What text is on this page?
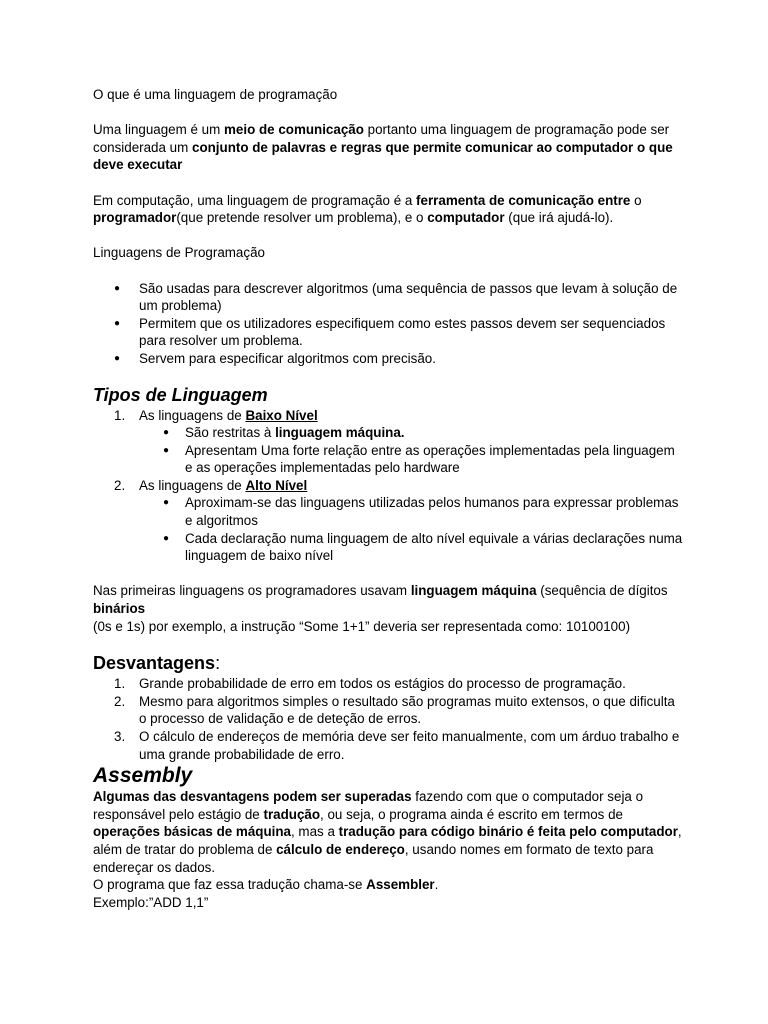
O que é uma linguagem de programação

Uma linguagem é um meio de comunicação portanto uma linguagem de programação pode ser considerada um conjunto de palavras e regras que permite comunicar ao computador o que deve executar

Em computação, uma linguagem de programação é a ferramenta de comunicação entre o programador(que pretende resolver um problema), e o computador (que irá ajudá-lo).

Linguagens de Programação

● São usadas para descrever algoritmos (uma sequência de passos que levam à solução de um problema)
● Permitem que os utilizadores especifiquem como estes passos devem ser sequenciados para resolver um problema.
● Servem para especificar algoritmos com precisão.
Tipos de Linguagem
1. As linguagens de Baixo Nível
● São restritas à linguagem máquina.
● Apresentam Uma forte relação entre as operações implementadas pela linguagem e as operações implementadas pelo hardware
2. As linguagens de Alto Nível
● Aproximam-se das linguagens utilizadas pelos humanos para expressar problemas e algoritmos
● Cada declaração numa linguagem de alto nível equivale a várias declarações numa linguagem de baixo nível

Nas primeiras linguagens os programadores usavam linguagem máquina (sequência de dígitos binários

(0s e 1s) por exemplo, a instrução “Some 1+1” deveria ser representada como: 10100100)

Desvantagens:
1. Grande probabilidade de erro em todos os estágios do processo de programação.
2. Mesmo para algoritmos simples o resultado são programas muito extensos, o que dificulta o processo de validação e de deteção de erros.
3. O cálculo de endereços de memória deve ser feito manualmente, com um árduo trabalho e uma grande probabilidade de erro.
Assembly

Algumas das desvantagens podem ser superadas fazendo com que o computador seja o responsável pelo estágio de tradução, ou seja, o programa ainda é escrito em termos de operações básicas de máquina, mas a tradução para código binário é feita pelo computador, além de tratar do problema de cálculo de endereço, usando nomes em formato de texto para endereçar os dados.

O programa que faz essa tradução chama-se Assembler.

Exemplo:”ADD 1,1”
